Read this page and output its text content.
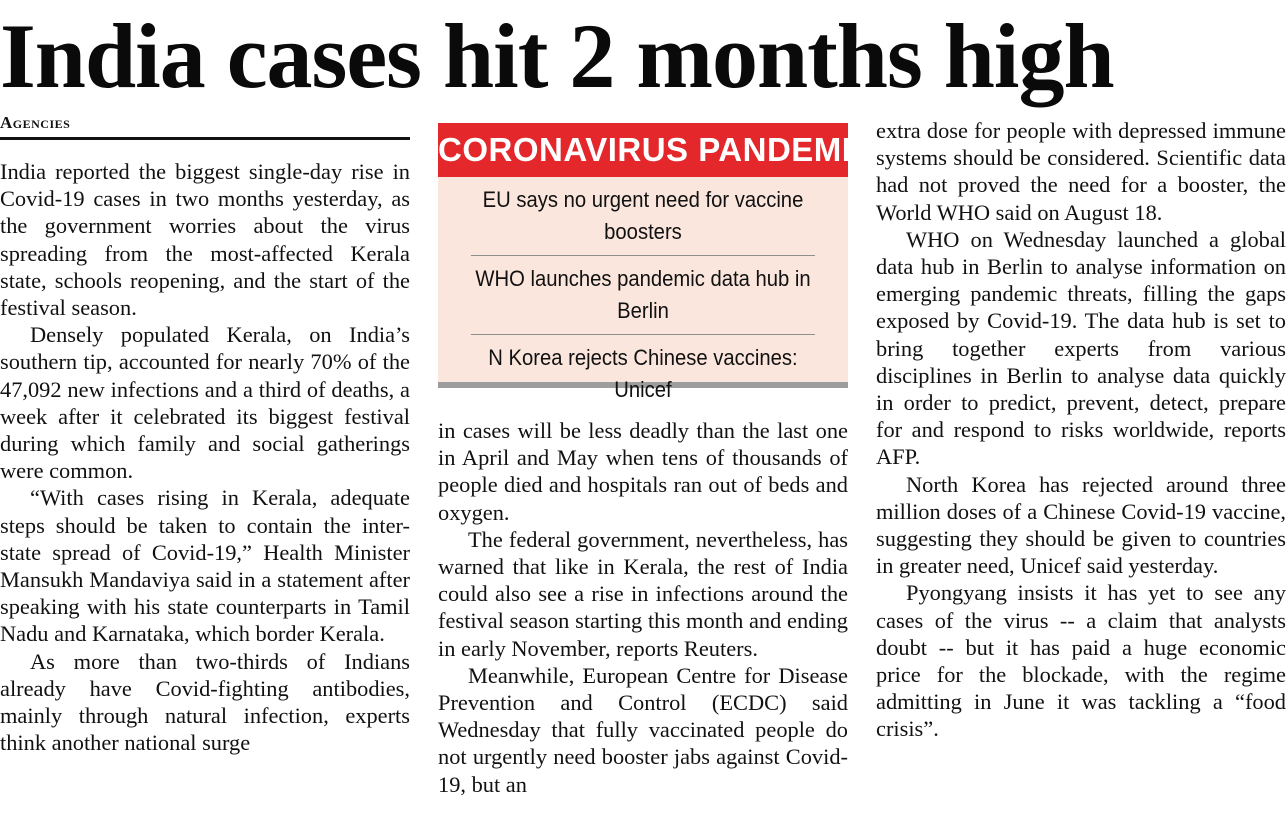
India cases hit 2 months high
Agencies

India reported the biggest single-day rise in Covid-19 cases in two months yesterday, as the government worries about the virus spreading from the most-affected Kerala state, schools reopening, and the start of the festival season.

Densely populated Kerala, on India’s southern tip, accounted for nearly 70% of the 47,092 new infections and a third of deaths, a week after it celebrated its biggest festival during which family and social gatherings were common.

“With cases rising in Kerala, adequate steps should be taken to contain the inter-state spread of Covid-19,” Health Minister Mansukh Mandaviya said in a statement after speaking with his state counterparts in Tamil Nadu and Karnataka, which border Kerala.

As more than two-thirds of Indians already have Covid-fighting antibodies, mainly through natural infection, experts think another national surge

CORONAVIRUS PANDEMIC
EU says no urgent need for vaccine boosters
WHO launches pandemic data hub in Berlin
N Korea rejects Chinese vaccines: Unicef

in cases will be less deadly than the last one in April and May when tens of thousands of people died and hospitals ran out of beds and oxygen.

The federal government, nevertheless, has warned that like in Kerala, the rest of India could also see a rise in infections around the festival season starting this month and ending in early November, reports Reuters.

Meanwhile, European Centre for Disease Prevention and Control (ECDC) said Wednesday that fully vaccinated people do not urgently need booster jabs against Covid-19, but an

extra dose for people with depressed immune systems should be considered. Scientific data had not proved the need for a booster, the World WHO said on August 18.

WHO on Wednesday launched a global data hub in Berlin to analyse information on emerging pandemic threats, filling the gaps exposed by Covid-19. The data hub is set to bring together experts from various disciplines in Berlin to analyse data quickly in order to predict, prevent, detect, prepare for and respond to risks worldwide, reports AFP.

North Korea has rejected around three million doses of a Chinese Covid-19 vaccine, suggesting they should be given to countries in greater need, Unicef said yesterday.

Pyongyang insists it has yet to see any cases of the virus -- a claim that analysts doubt -- but it has paid a huge economic price for the blockade, with the regime admitting in June it was tackling a “food crisis”.
